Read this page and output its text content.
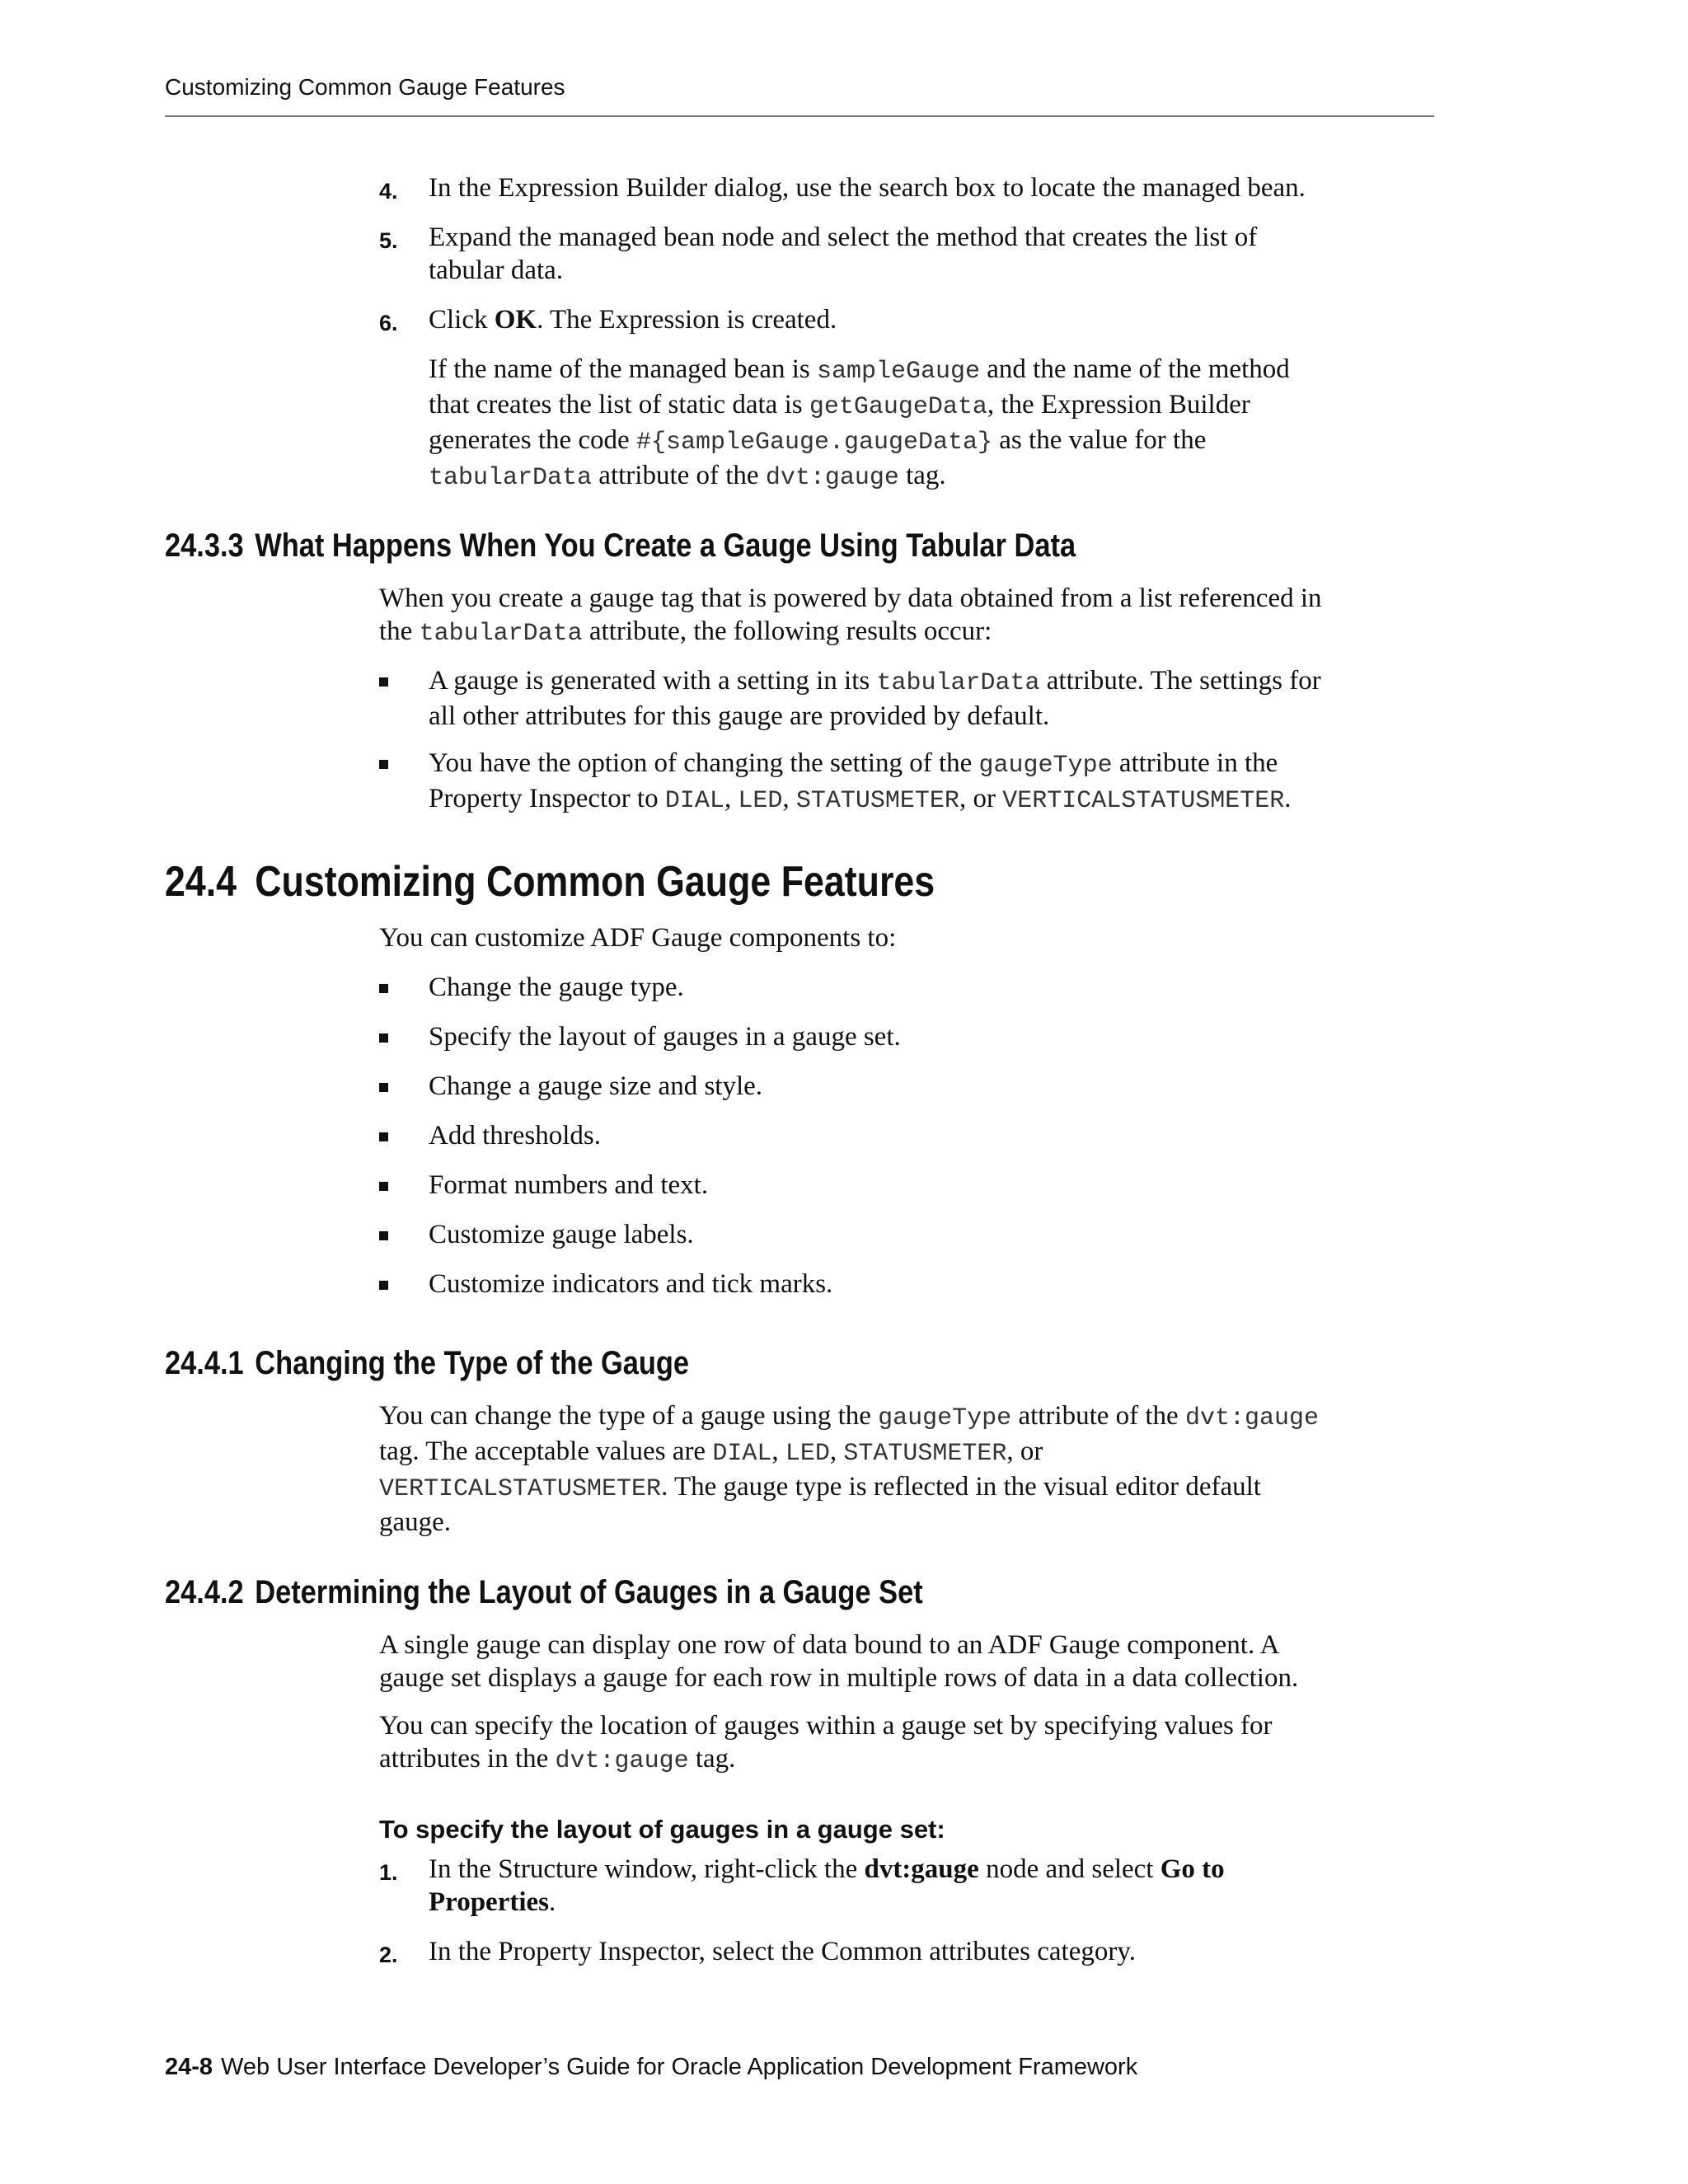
Customizing Common Gauge Features
4.	In the Expression Builder dialog, use the search box to locate the managed bean.
5.	Expand the managed bean node and select the method that creates the list of
tabular data.
6.	Click OK. The Expression is created.
If the name of the managed bean is sampleGauge and the name of the method
that creates the list of static data is getGaugeData, the Expression Builder
generates the code #{sampleGauge.gaugeData} as the value for the
tabularData attribute of the dvt:gauge tag.
24.3.3 What Happens When You Create a Gauge Using Tabular Data
When you create a gauge tag that is powered by data obtained from a list referenced in
the tabularData attribute, the following results occur:
A gauge is generated with a setting in its tabularData attribute. The settings for
all other attributes for this gauge are provided by default.
You have the option of changing the setting of the gaugeType attribute in the
Property Inspector to DIAL, LED, STATUSMETER, or VERTICALSTATUSMETER.
24.4 Customizing Common Gauge Features
You can customize ADF Gauge components to:
Change the gauge type.
Specify the layout of gauges in a gauge set.
Change a gauge size and style.
Add thresholds.
Format numbers and text.
Customize gauge labels.
Customize indicators and tick marks.
24.4.1 Changing the Type of the Gauge
You can change the type of a gauge using the gaugeType attribute of the dvt:gauge
tag. The acceptable values are DIAL, LED, STATUSMETER, or
VERTICALSTATUSMETER. The gauge type is reflected in the visual editor default
gauge.
24.4.2 Determining the Layout of Gauges in a Gauge Set
A single gauge can display one row of data bound to an ADF Gauge component. A
gauge set displays a gauge for each row in multiple rows of data in a data collection.
You can specify the location of gauges within a gauge set by specifying values for
attributes in the dvt:gauge tag.
To specify the layout of gauges in a gauge set:
1.	In the Structure window, right-click the dvt:gauge node and select Go to
Properties.
2.	In the Property Inspector, select the Common attributes category.
24-8 Web User Interface Developer’s Guide for Oracle Application Development Framework
